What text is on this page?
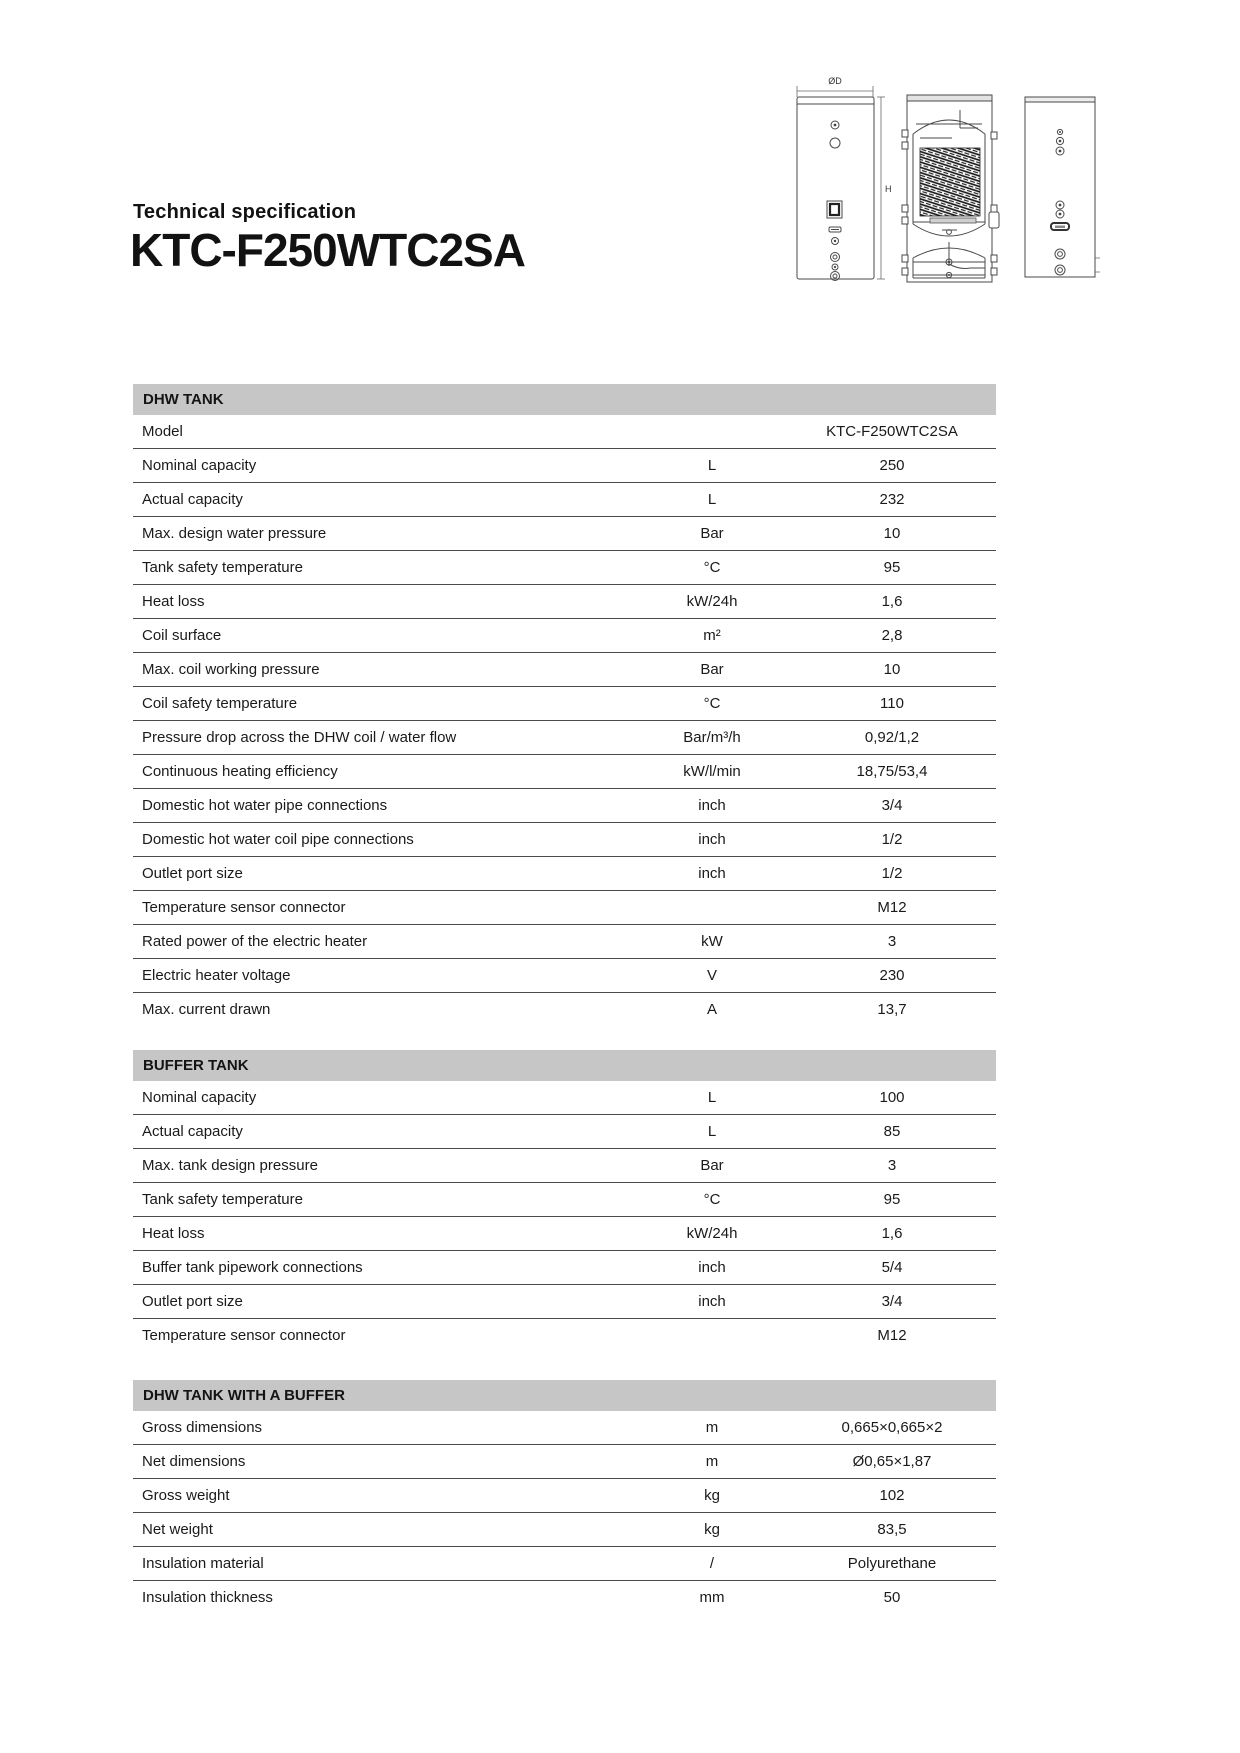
Technical specification
KTC-F250WTC2SA
ØD
H
DHW TANK
Model	KTC-F250WTC2SA
Nominal capacity	L	250
Actual capacity	L	232
Max. design water pressure	Bar	10
Tank safety temperature	°C	95
Heat loss	kW/24h	1,6
Coil surface	m²	2,8
Max. coil working pressure	Bar	10
Coil safety temperature	°C	110
Pressure drop across the DHW coil / water flow	Bar/m³/h	0,92/1,2
Continuous heating efficiency	kW/l/min	18,75/53,4
Domestic hot water pipe connections	inch	3/4
Domestic hot water coil pipe connections	inch	1/2
Outlet port size	inch	1/2
Temperature sensor connector	M12
Rated power of the electric heater	kW	3
Electric heater voltage	V	230
Max. current drawn	A	13,7
BUFFER TANK
Nominal capacity	L	100
Actual capacity	L	85
Max. tank design pressure	Bar	3
Tank safety temperature	°C	95
Heat loss	kW/24h	1,6
Buffer tank pipework connections	inch	5/4
Outlet port size	inch	3/4
Temperature sensor connector	M12
DHW TANK WITH A BUFFER
Gross dimensions	m	0,665×0,665×2
Net dimensions	m	Ø0,65×1,87
Gross weight	kg	102
Net weight	kg	83,5
Insulation material	/	Polyurethane
Insulation thickness	mm	50
